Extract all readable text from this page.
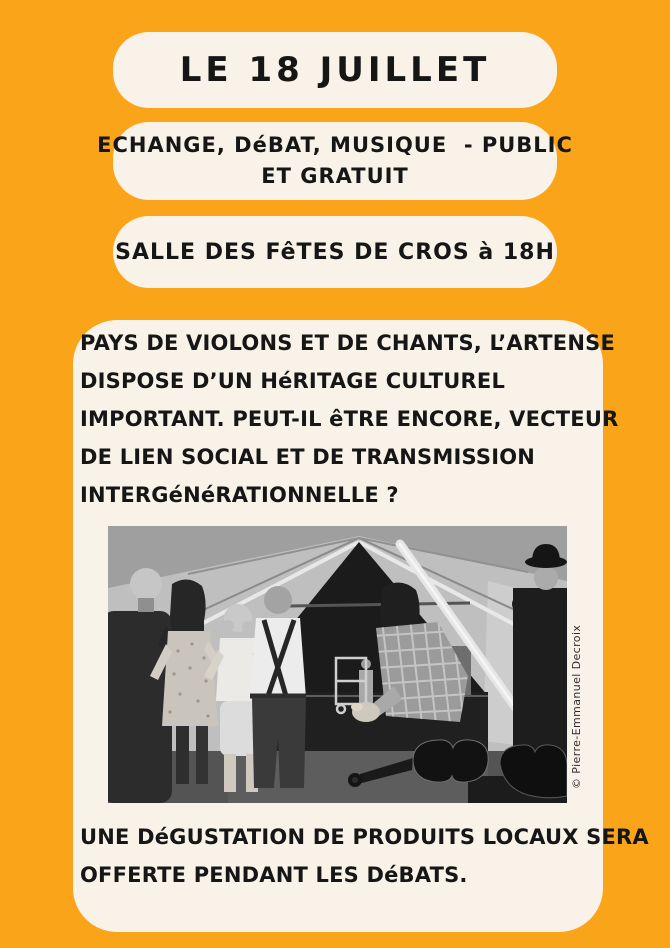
LE 18 JUILLET
ECHANGE, DéBAT, MUSIQUE  - PUBLIC
ET GRATUIT
SALLE DES FêTES DE CROS à 18H
PAYS DE VIOLONS ET DE CHANTS, L’ARTENSE
DISPOSE D’UN HéRITAGE CULTUREL
IMPORTANT. PEUT-IL êTRE ENCORE, VECTEUR
DE LIEN SOCIAL ET DE TRANSMISSION
INTERGéNéRATIONNELLE ?
© Pierre-Emmanuel Decroix
UNE DéGUSTATION DE PRODUITS LOCAUX SERA
OFFERTE PENDANT LES DéBATS.
